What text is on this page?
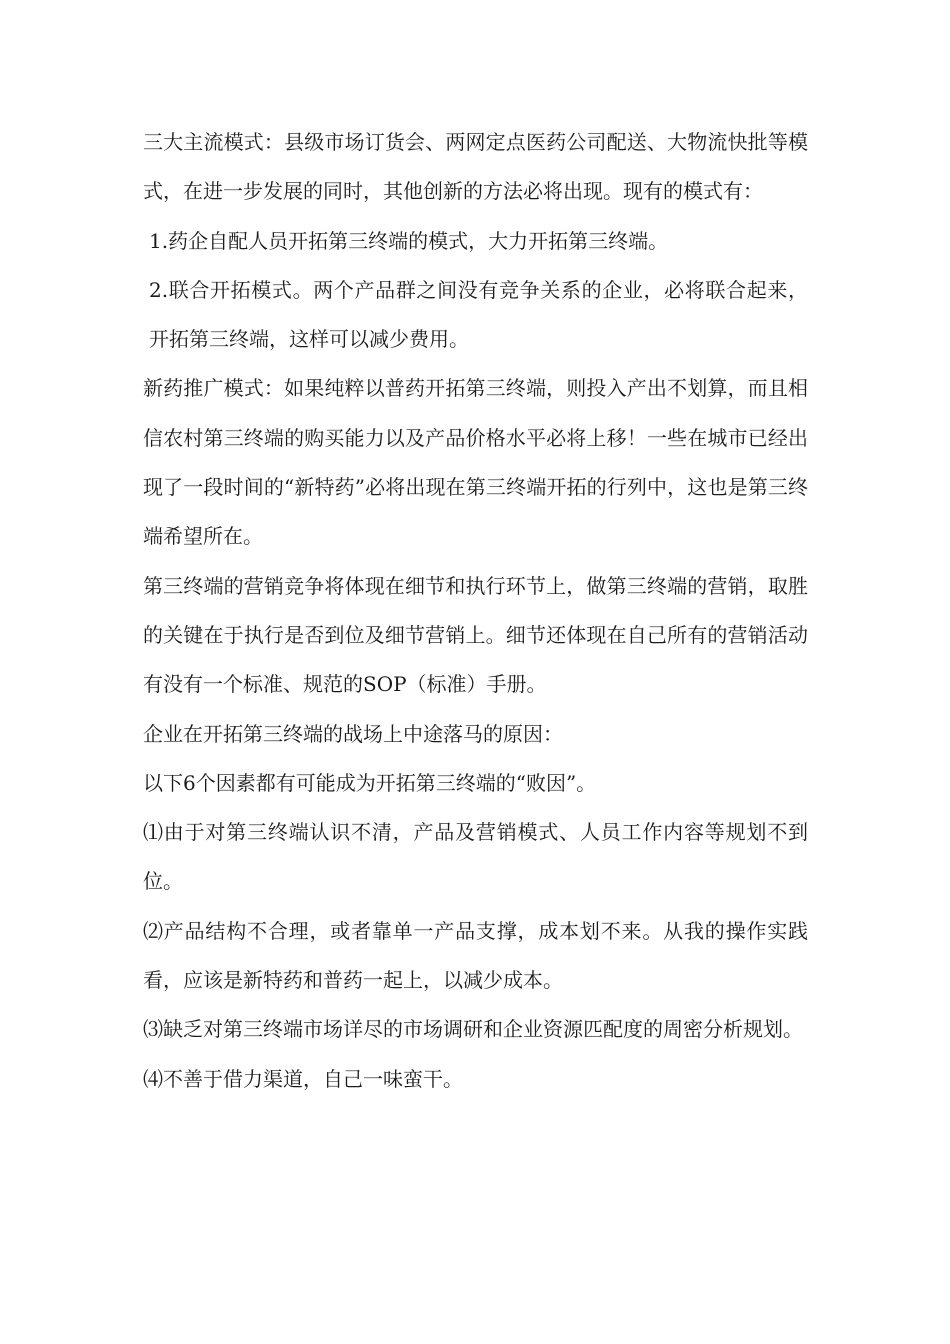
三大主流模式：县级市场订货会、两网定点医药公司配送、大物流快批等模式，在进一步发展的同时，其他创新的方法必将出现。现有的模式有：

1.药企自配人员开拓第三终端的模式，大力开拓第三终端。

2.联合开拓模式。两个产品群之间没有竞争关系的企业，必将联合起来，开拓第三终端，这样可以减少费用。

新药推广模式：如果纯粹以普药开拓第三终端，则投入产出不划算，而且相信农村第三终端的购买能力以及产品价格水平必将上移！一些在城市已经出现了一段时间的“新特药”必将出现在第三终端开拓的行列中，这也是第三终端希望所在。

第三终端的营销竞争将体现在细节和执行环节上，做第三终端的营销，取胜的关键在于执行是否到位及细节营销上。细节还体现在自己所有的营销活动有没有一个标准、规范的SOP（标准）手册。

企业在开拓第三终端的战场上中途落马的原因：

以下6个因素都有可能成为开拓第三终端的“败因”。

⑴由于对第三终端认识不清，产品及营销模式、人员工作内容等规划不到位。

⑵产品结构不合理，或者靠单一产品支撑，成本划不来。从我的操作实践看，应该是新特药和普药一起上，以减少成本。

⑶缺乏对第三终端市场详尽的市场调研和企业资源匹配度的周密分析规划。

⑷不善于借力渠道，自己一味蛮干。
